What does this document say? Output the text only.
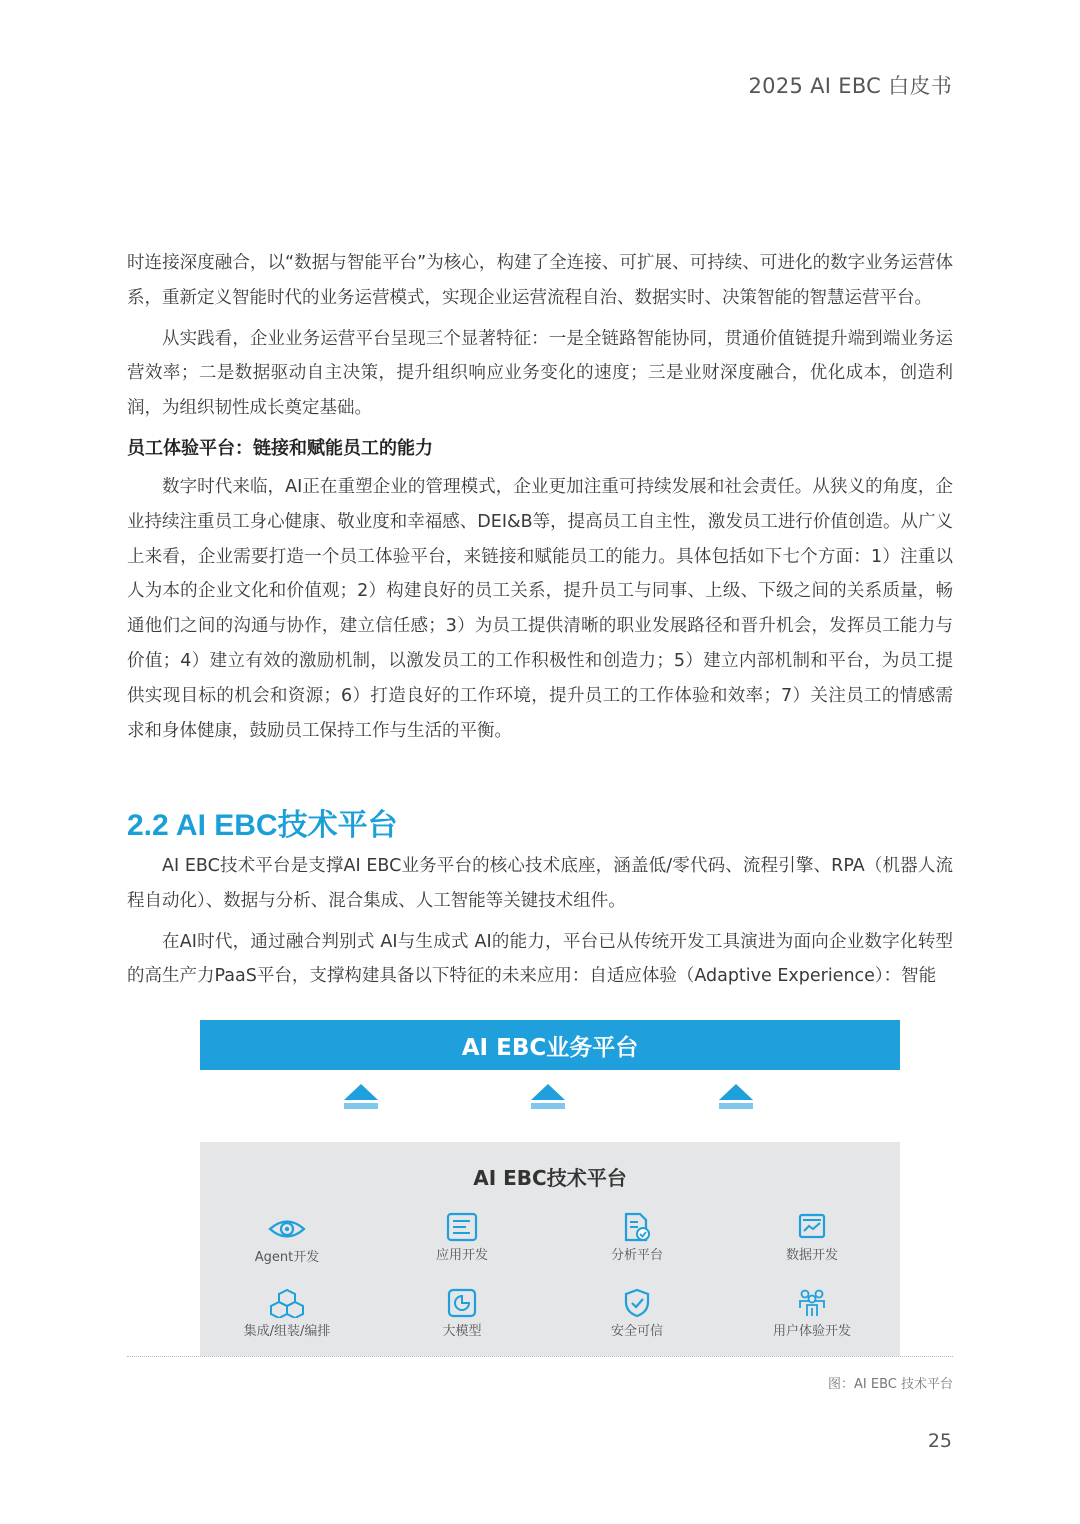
2025 AI EBC 白皮书

时连接深度融合，以“数据与智能平台”为核心，构建了全连接、可扩展、可持续、可进化的数字业务运营体系，重新定义智能时代的业务运营模式，实现企业运营流程自治、数据实时、决策智能的智慧运营平台。

从实践看，企业业务运营平台呈现三个显著特征：一是全链路智能协同，贯通价值链提升端到端业务运营效率；二是数据驱动自主决策，提升组织响应业务变化的速度；三是业财深度融合，优化成本，创造利润，为组织韧性成长奠定基础。

员工体验平台：链接和赋能员工的能力

数字时代来临，AI正在重塑企业的管理模式，企业更加注重可持续发展和社会责任。从狭义的角度，企业持续注重员工身心健康、敬业度和幸福感、DEI&B等，提高员工自主性，激发员工进行价值创造。从广义上来看，企业需要打造一个员工体验平台，来链接和赋能员工的能力。具体包括如下七个方面：1）注重以人为本的企业文化和价值观；2）构建良好的员工关系，提升员工与同事、上级、下级之间的关系质量，畅通他们之间的沟通与协作，建立信任感；3）为员工提供清晰的职业发展路径和晋升机会，发挥员工能力与价值；4）建立有效的激励机制，以激发员工的工作积极性和创造力；5）建立内部机制和平台，为员工提供实现目标的机会和资源；6）打造良好的工作环境，提升员工的工作体验和效率；7）关注员工的情感需求和身体健康，鼓励员工保持工作与生活的平衡。

2.2 AI EBC技术平台

AI EBC技术平台是支撑AI EBC业务平台的核心技术底座，涵盖低/零代码、流程引擎、RPA（机器人流程自动化）、数据与分析、混合集成、人工智能等关键技术组件。

在AI时代，通过融合判别式 AI与生成式 AI的能力，平台已从传统开发工具演进为面向企业数字化转型的高生产力PaaS平台，支撑构建具备以下特征的未来应用：自适应体验（Adaptive Experience）：智能

AI EBC业务平台
AI EBC技术平台
Agent开发	应用开发	分析平台	数据开发
集成/组装/编排	大模型	安全可信	用户体验开发
图：AI EBC 技术平台
25
